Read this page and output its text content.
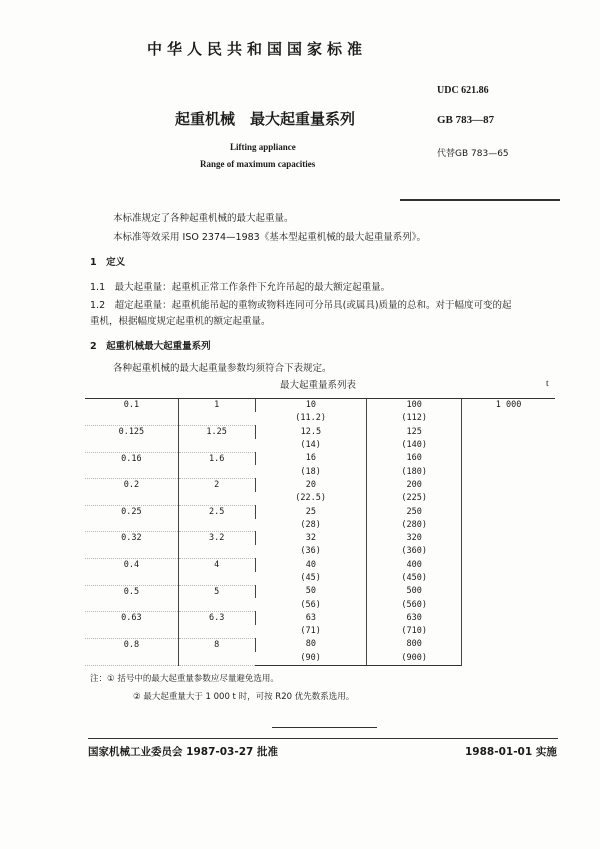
中华人民共和国国家标准
UDC 621.86
起重机械　最大起重量系列	GB 783—87
Lifting appliance
代替GB 783—65
Range of maximum capacities
本标准规定了各种起重机械的最大起重量。
本标准等效采用 ISO 2374—1983《基本型起重机械的最大起重量系列》。
1　定义
1.1　最大起重量：起重机正常工作条件下允许吊起的最大额定起重量。
1.2　超定起重量：起重机能吊起的重物或物料连同可分吊具(或属具)质量的总和。对于幅度可变的起
重机，根据幅度规定起重机的额定起重量。
2　起重机械最大起重量系列
各种起重机械的最大起重量参数均须符合下表规定。
最大起重量系列表	t
0.1	1	10	100	1 000
		(11.2)	(112)	
0.125	1.25	12.5	125	
		(14)	(140)	
0.16	1.6	16	160	
		(18)	(180)	
0.2	2	20	200	
		(22.5)	(225)	
0.25	2.5	25	250	
		(28)	(280)	
0.32	3.2	32	320	
		(36)	(360)	
0.4	4	40	400	
		(45)	(450)	
0.5	5	50	500	
		(56)	(560)	
0.63	6.3	63	630	
		(71)	(710)	
0.8	8	80	800	
		(90)	(900)	
注：① 括号中的最大起重量参数应尽量避免选用。
② 最大起重量大于 1 000 t 时，可按 R20 优先数系选用。
国家机械工业委员会 1987-03-27 批准	1988-01-01 实施
